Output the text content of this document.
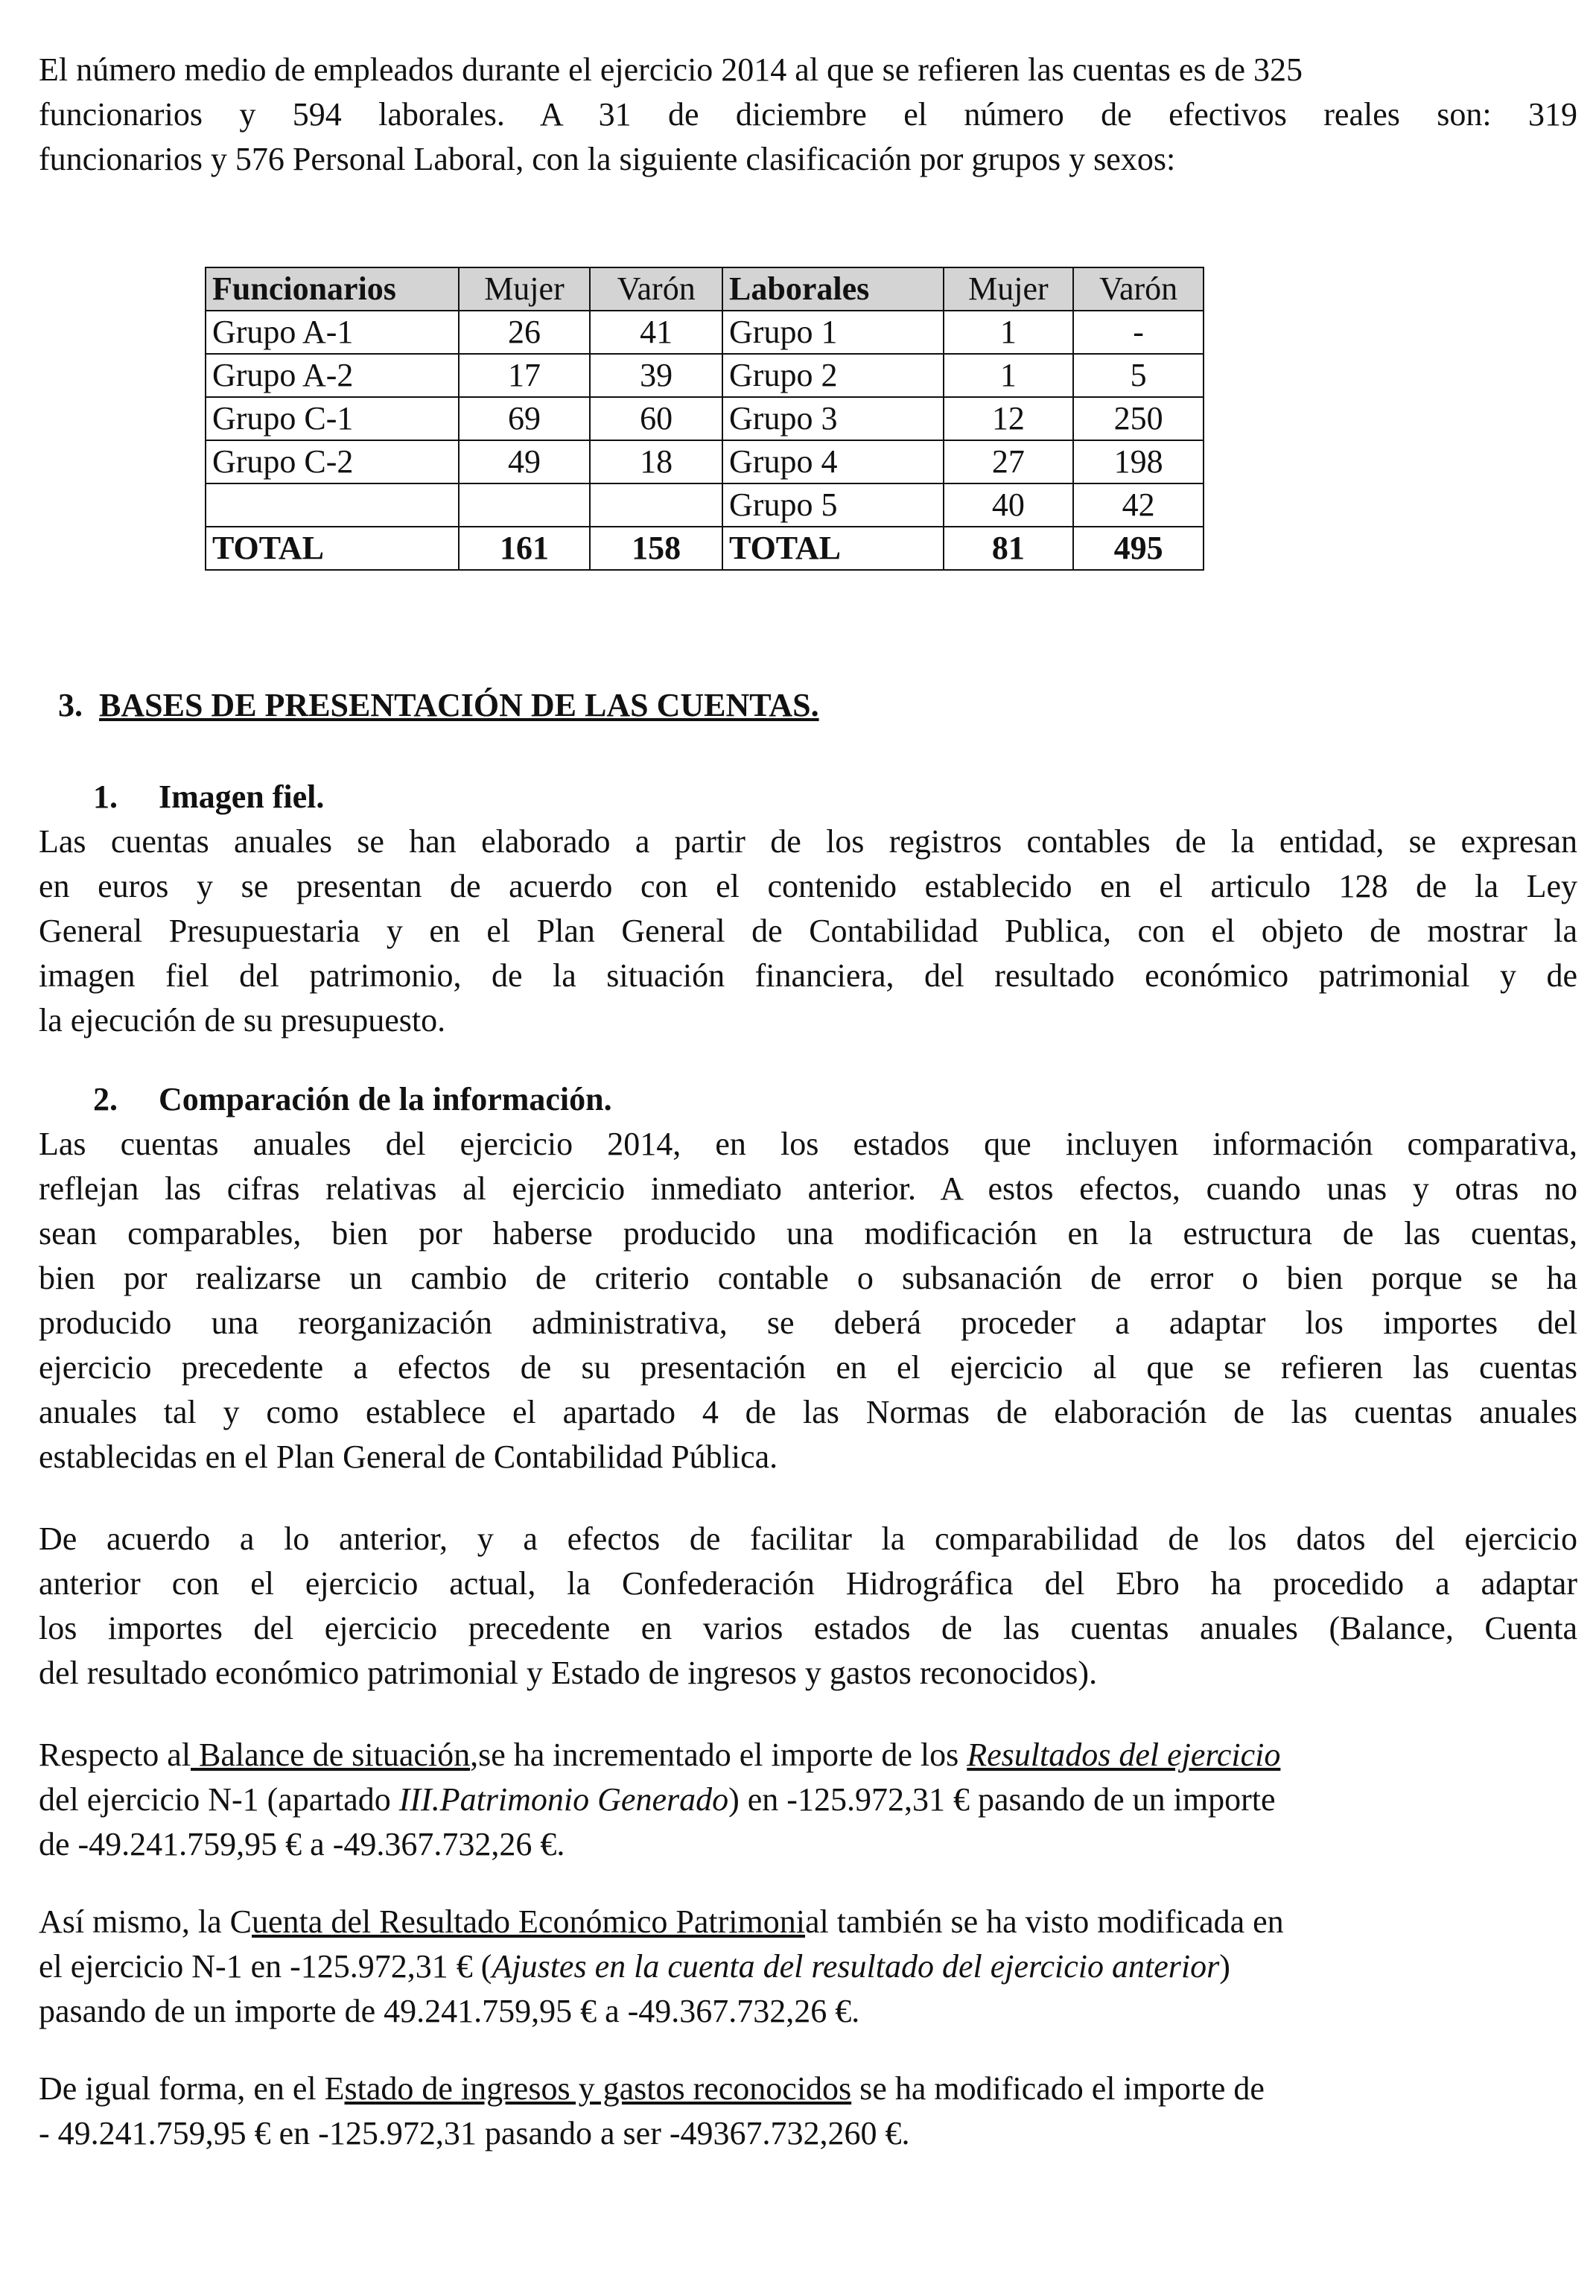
El número medio de empleados durante el ejercicio 2014 al que se refieren las cuentas es de 325
funcionarios y 594 laborales. A 31 de diciembre el número de efectivos reales son: 319
funcionarios y 576 Personal Laboral, con la siguiente clasificación por grupos y sexos:

Funcionarios	Mujer	Varón	Laborales	Mujer	Varón
Grupo A-1	26	41	Grupo 1	1	-
Grupo A-2	17	39	Grupo 2	1	5
Grupo C-1	69	60	Grupo 3	12	250
Grupo C-2	49	18	Grupo 4	27	198
			Grupo 5	40	42
TOTAL	161	158	TOTAL	81	495

3. BASES DE PRESENTACIÓN DE LAS CUENTAS.

1. Imagen fiel.

Las cuentas anuales se han elaborado a partir de los registros contables de la entidad, se expresan
en euros y se presentan de acuerdo con el contenido establecido en el articulo 128 de la Ley
General Presupuestaria y en el Plan General de Contabilidad Publica, con el objeto de mostrar la
imagen fiel del patrimonio, de la situación financiera, del resultado económico patrimonial y de
la ejecución de su presupuesto.

2. Comparación de la información.

Las cuentas anuales del ejercicio 2014, en los estados que incluyen información comparativa,
reflejan las cifras relativas al ejercicio inmediato anterior. A estos efectos, cuando unas y otras no
sean comparables, bien por haberse producido una modificación en la estructura de las cuentas,
bien por realizarse un cambio de criterio contable o subsanación de error o bien porque se ha
producido una reorganización administrativa, se deberá proceder a adaptar los importes del
ejercicio precedente a efectos de su presentación en el ejercicio al que se refieren las cuentas
anuales tal y como establece el apartado 4 de las Normas de elaboración de las cuentas anuales
establecidas en el Plan General de Contabilidad Pública.

De acuerdo a lo anterior, y a efectos de facilitar la comparabilidad de los datos del ejercicio
anterior con el ejercicio actual, la Confederación Hidrográfica del Ebro ha procedido a adaptar
los importes del ejercicio precedente en varios estados de las cuentas anuales (Balance, Cuenta
del resultado económico patrimonial y Estado de ingresos y gastos reconocidos).

Respecto al Balance de situación,se ha incrementado el importe de los Resultados del ejercicio
del ejercicio N-1 (apartado III.Patrimonio Generado) en -125.972,31 € pasando de un importe
de -49.241.759,95 € a -49.367.732,26 €.

Así mismo, la Cuenta del Resultado Económico Patrimonial también se ha visto modificada en
el ejercicio N-1 en -125.972,31 € (Ajustes en la cuenta del resultado del ejercicio anterior)
pasando de un importe de 49.241.759,95 € a -49.367.732,26 €.

De igual forma, en el Estado de ingresos y gastos reconocidos se ha modificado el importe de
- 49.241.759,95 € en -125.972,31 pasando a ser -49367.732,260 €.
